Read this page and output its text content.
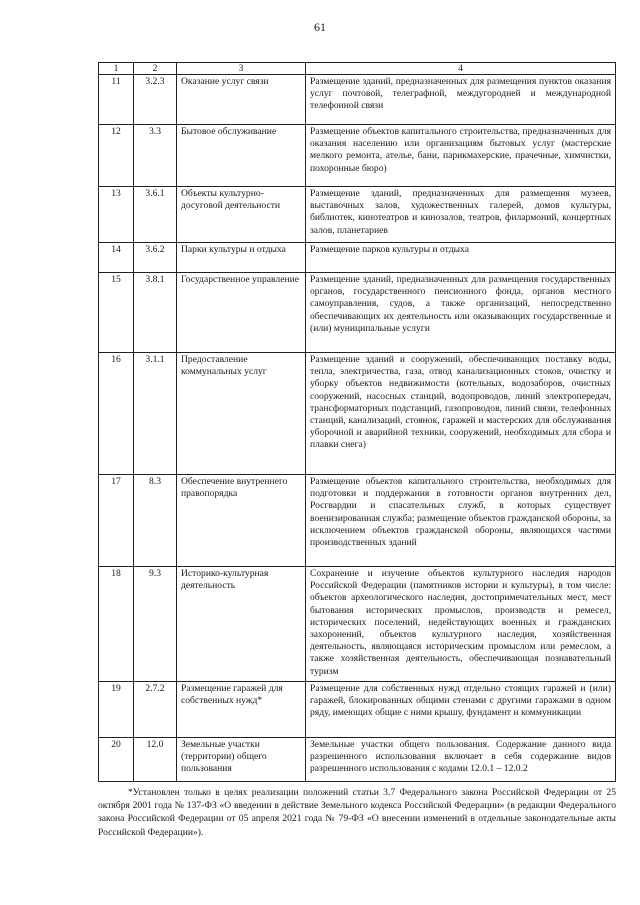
61
1	2	3	4
11	3.2.3	Оказание услуг связи	Размещение зданий, предназначенных для размещения пунктов оказания услуг почтовой, телеграфной, междугородней и международной телефонной связи
12	3.3	Бытовое обслуживание	Размещение объектов капитального строительства, предназначенных для оказания населению или организациям бытовых услуг (мастерские мелкого ремонта, ателье, бани, парикмахерские, прачечные, химчистки, похоронные бюро)
13	3.6.1	Объекты культурно-досуговой деятельности	Размещение зданий, предназначенных для размещения музеев, выставочных залов, художественных галерей, домов культуры, библиотек, кинотеатров и кинозалов, театров, филармоний, концертных залов, планетариев
14	3.6.2	Парки культуры и отдыха	Размещение парков культуры и отдыха
15	3.8.1	Государственное управление	Размещение зданий, предназначенных для размещения государственных органов, государственного пенсионного фонда, органов местного самоуправления, судов, а также организаций, непосредственно обеспечивающих их деятельность или оказывающих государственные и (или) муниципальные услуги
16	3.1.1	Предоставление коммунальных услуг	Размещение зданий и сооружений, обеспечивающих поставку воды, тепла, электричества, газа, отвод канализационных стоков, очистку и уборку объектов недвижимости (котельных, водозаборов, очистных сооружений, насосных станций, водопроводов, линий электропередач, трансформаторных подстанций, газопроводов, линий связи, телефонных станций, канализаций, стоянок, гаражей и мастерских для обслуживания уборочной и аварийной техники, сооружений, необходимых для сбора и плавки снега)
17	8.3	Обеспечение внутреннего правопорядка	Размещение объектов капитального строительства, необходимых для подготовки и поддержания в готовности органов внутренних дел, Росгвардии и спасательных служб, в которых существует военизированная служба; размещение объектов гражданской обороны, за исключением объектов гражданской обороны, являющихся частями производственных зданий
18	9.3	Историко-культурная деятельность	Сохранение и изучение объектов культурного наследия народов Российской Федерации (памятников истории и культуры), в том числе: объектов археологического наследия, достопримечательных мест, мест бытования исторических промыслов, производств и ремесел, исторических поселений, недействующих военных и гражданских захоронений, объектов культурного наследия, хозяйственная деятельность, являющаяся историческим промыслом или ремеслом, а также хозяйственная деятельность, обеспечивающая познавательный туризм
19	2.7.2	Размещение гаражей для собственных нужд*	Размещение для собственных нужд отдельно стоящих гаражей и (или) гаражей, блокированных общими стенами с другими гаражами в одном ряду, имеющих общие с ними крышу, фундамент и коммуникации
20	12.0	Земельные участки (территории) общего пользования	Земельные участки общего пользования. Содержание данного вида разрешенного использования включает в себя содержание видов разрешенного использования с кодами 12.0.1 – 12.0.2

*Установлен только в целях реализации положений статьи 3.7 Федерального закона Российской Федерации от 25 октября 2001 года № 137-ФЗ «О введении в действие Земельного кодекса Российской Федерации» (в редакции Федерального закона Российской Федерации от 05 апреля 2021 года № 79-ФЗ «О внесении изменений в отдельные законодательные акты Российской Федерации»).
